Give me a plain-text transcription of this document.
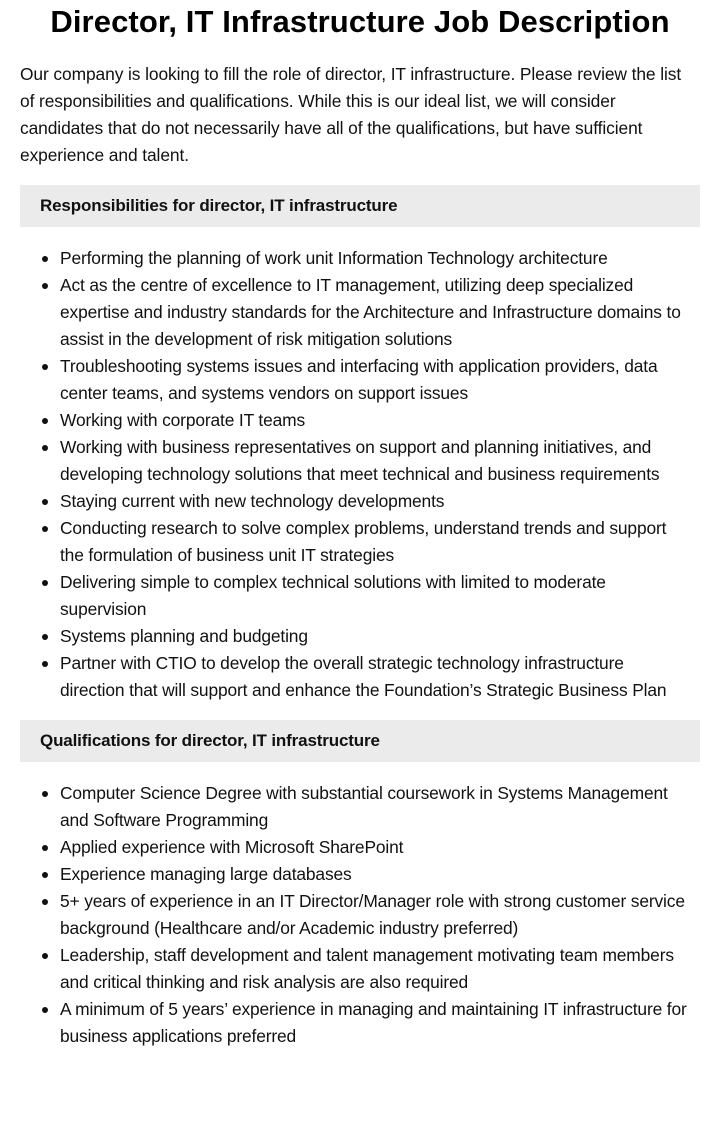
Director, IT Infrastructure Job Description

Our company is looking to fill the role of director, IT infrastructure. Please review the list of responsibilities and qualifications. While this is our ideal list, we will consider candidates that do not necessarily have all of the qualifications, but have sufficient experience and talent.

Responsibilities for director, IT infrastructure
Performing the planning of work unit Information Technology architecture
Act as the centre of excellence to IT management, utilizing deep specialized expertise and industry standards for the Architecture and Infrastructure domains to assist in the development of risk mitigation solutions
Troubleshooting systems issues and interfacing with application providers, data center teams, and systems vendors on support issues
Working with corporate IT teams
Working with business representatives on support and planning initiatives, and developing technology solutions that meet technical and business requirements
Staying current with new technology developments
Conducting research to solve complex problems, understand trends and support the formulation of business unit IT strategies
Delivering simple to complex technical solutions with limited to moderate supervision
Systems planning and budgeting
Partner with CTIO to develop the overall strategic technology infrastructure direction that will support and enhance the Foundation’s Strategic Business Plan
Qualifications for director, IT infrastructure
Computer Science Degree with substantial coursework in Systems Management and Software Programming
Applied experience with Microsoft SharePoint
Experience managing large databases
5+ years of experience in an IT Director/Manager role with strong customer service background (Healthcare and/or Academic industry preferred)
Leadership, staff development and talent management motivating team members and critical thinking and risk analysis are also required
A minimum of 5 years’ experience in managing and maintaining IT infrastructure for business applications preferred
